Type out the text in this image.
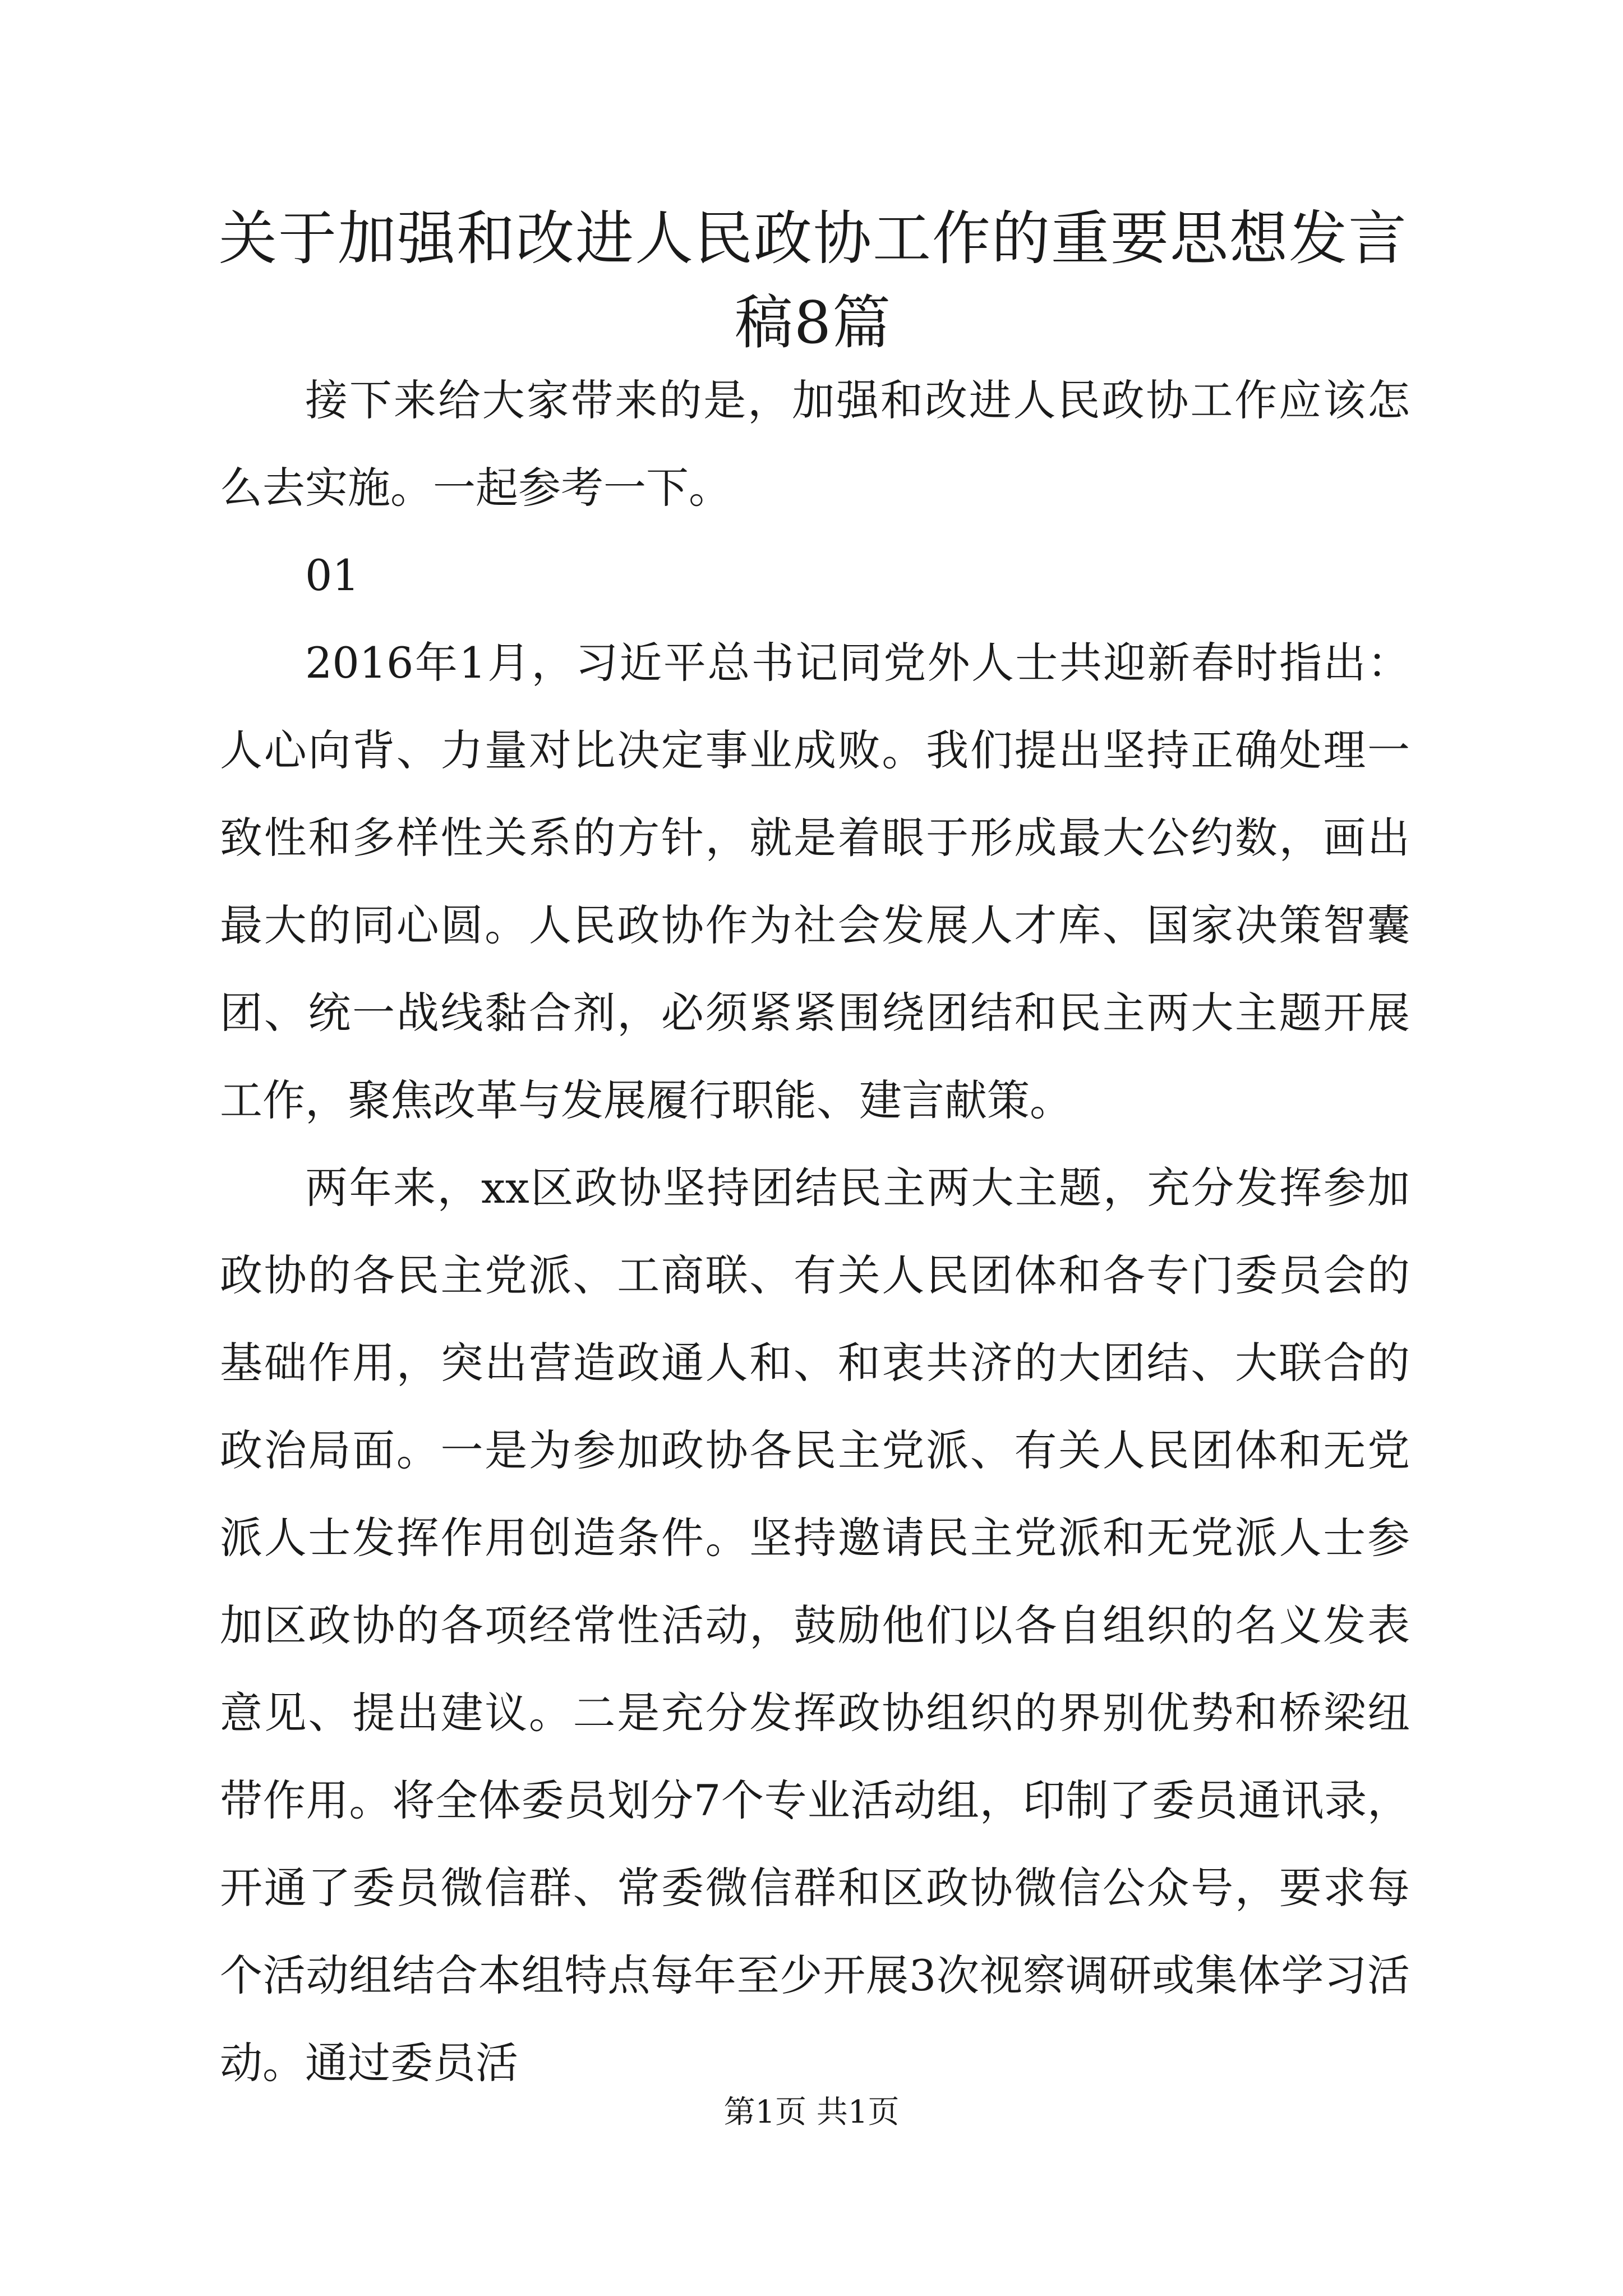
关于加强和改进人民政协工作的重要思想发言稿8篇

接下来给大家带来的是，加强和改进人民政协工作应该怎么去实施。一起参考一下。

01

2016年1月，习近平总书记同党外人士共迎新春时指出：人心向背、力量对比决定事业成败。我们提出坚持正确处理一致性和多样性关系的方针，就是着眼于形成最大公约数，画出最大的同心圆。人民政协作为社会发展人才库、国家决策智囊团、统一战线黏合剂，必须紧紧围绕团结和民主两大主题开展工作，聚焦改革与发展履行职能、建言献策。

两年来，xx区政协坚持团结民主两大主题，充分发挥参加政协的各民主党派、工商联、有关人民团体和各专门委员会的基础作用，突出营造政通人和、和衷共济的大团结、大联合的政治局面。一是为参加政协各民主党派、有关人民团体和无党派人士发挥作用创造条件。坚持邀请民主党派和无党派人士参加区政协的各项经常性活动，鼓励他们以各自组织的名义发表意见、提出建议。二是充分发挥政协组织的界别优势和桥梁纽带作用。将全体委员划分7个专业活动组，印制了委员通讯录，开通了委员微信群、常委微信群和区政协微信公众号，要求每个活动组结合本组特点每年至少开展3次视察调研或集体学习活动。通过委员活

第1页 共1页
